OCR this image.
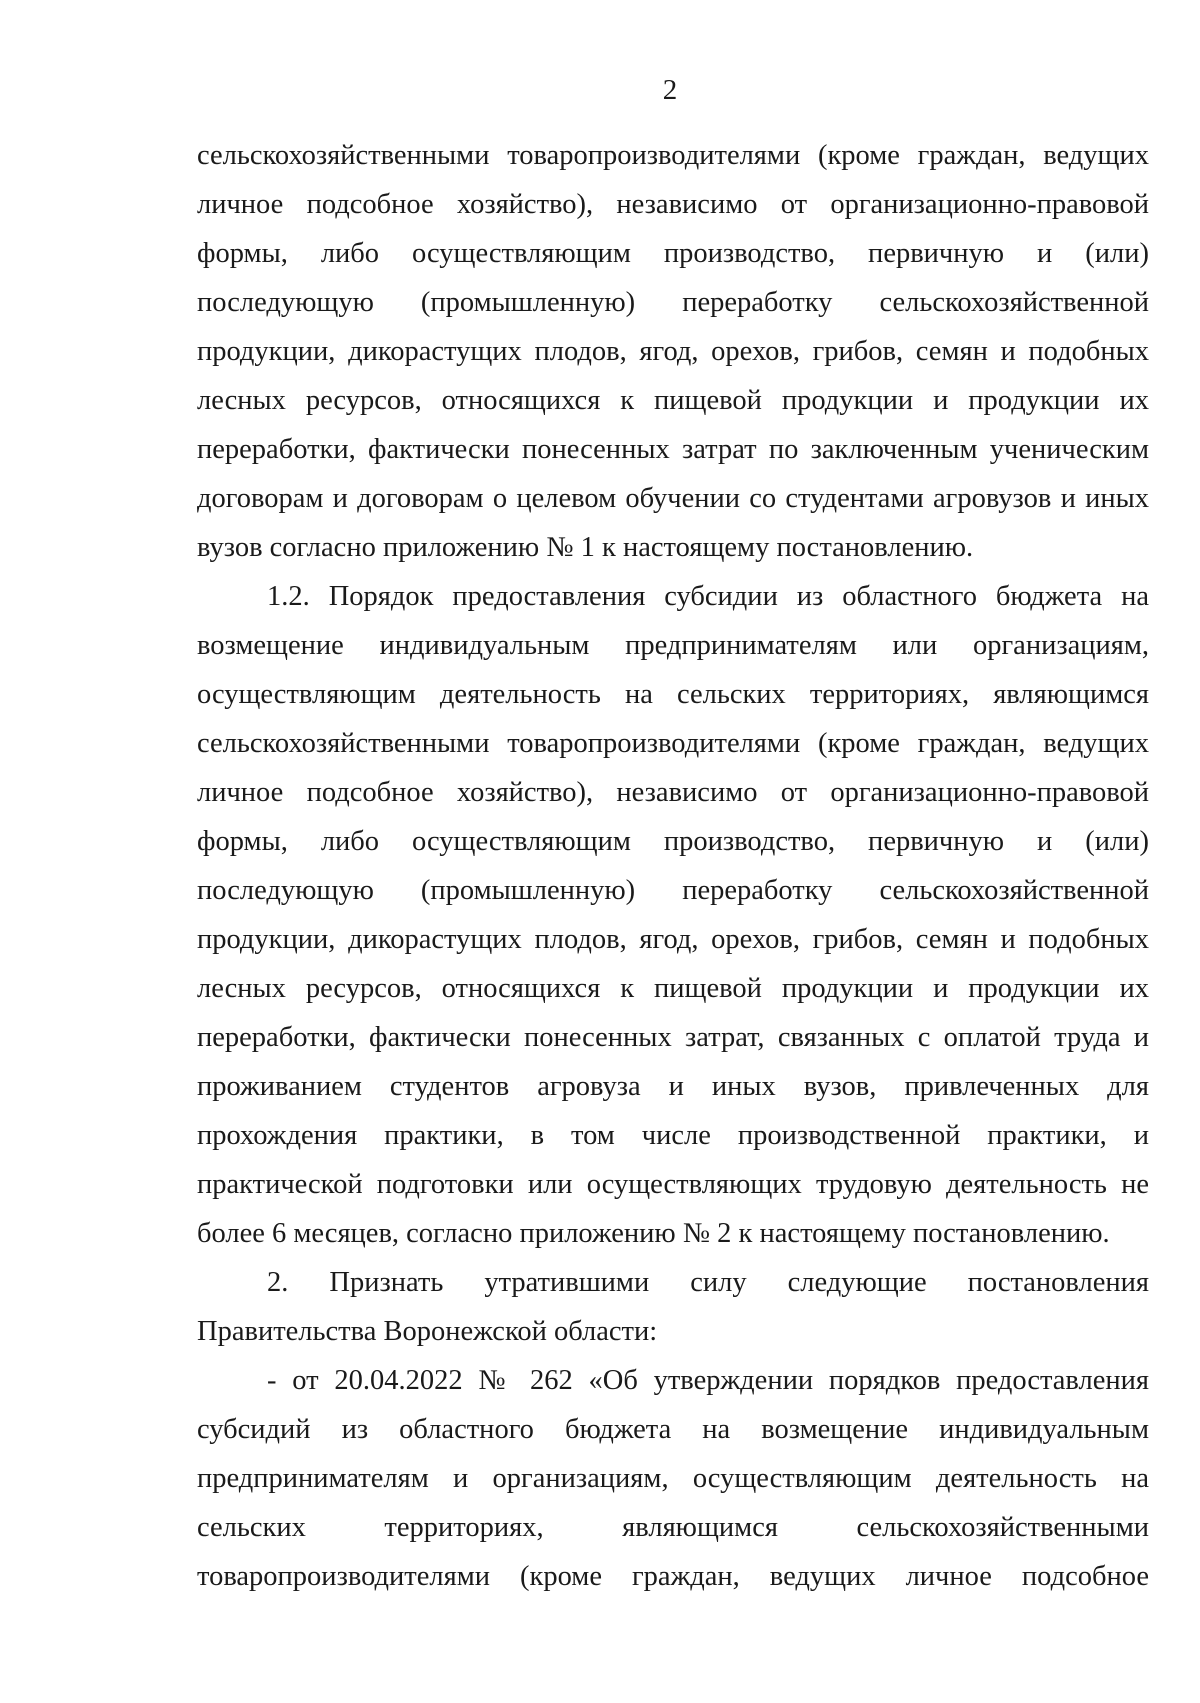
2

сельскохозяйственными товаропроизводителями (кроме граждан, ведущих личное подсобное хозяйство), независимо от организационно-правовой формы, либо осуществляющим производство, первичную и (или) последующую (промышленную) переработку сельскохозяйственной продукции, дикорастущих плодов, ягод, орехов, грибов, семян и подобных лесных ресурсов, относящихся к пищевой продукции и продукции их переработки, фактически понесенных затрат по заключенным ученическим договорам и договорам о целевом обучении со студентами агровузов и иных вузов согласно приложению № 1 к настоящему постановлению.

1.2. Порядок предоставления субсидии из областного бюджета на возмещение индивидуальным предпринимателям или организациям, осуществляющим деятельность на сельских территориях, являющимся сельскохозяйственными товаропроизводителями (кроме граждан, ведущих личное подсобное хозяйство), независимо от организационно-правовой формы, либо осуществляющим производство, первичную и (или) последующую (промышленную) переработку сельскохозяйственной продукции, дикорастущих плодов, ягод, орехов, грибов, семян и подобных лесных ресурсов, относящихся к пищевой продукции и продукции их переработки, фактически понесенных затрат, связанных с оплатой труда и проживанием студентов агровуза и иных вузов, привлеченных для прохождения практики, в том числе производственной практики, и практической подготовки или осуществляющих трудовую деятельность не более 6 месяцев, согласно приложению № 2 к настоящему постановлению.

2. Признать утратившими силу следующие постановления Правительства Воронежской области:

- от 20.04.2022 № 262 «Об утверждении порядков предоставления субсидий из областного бюджета на возмещение индивидуальным предпринимателям и организациям, осуществляющим деятельность на сельских территориях, являющимся сельскохозяйственными товаропроизводителями (кроме граждан, ведущих личное подсобное
